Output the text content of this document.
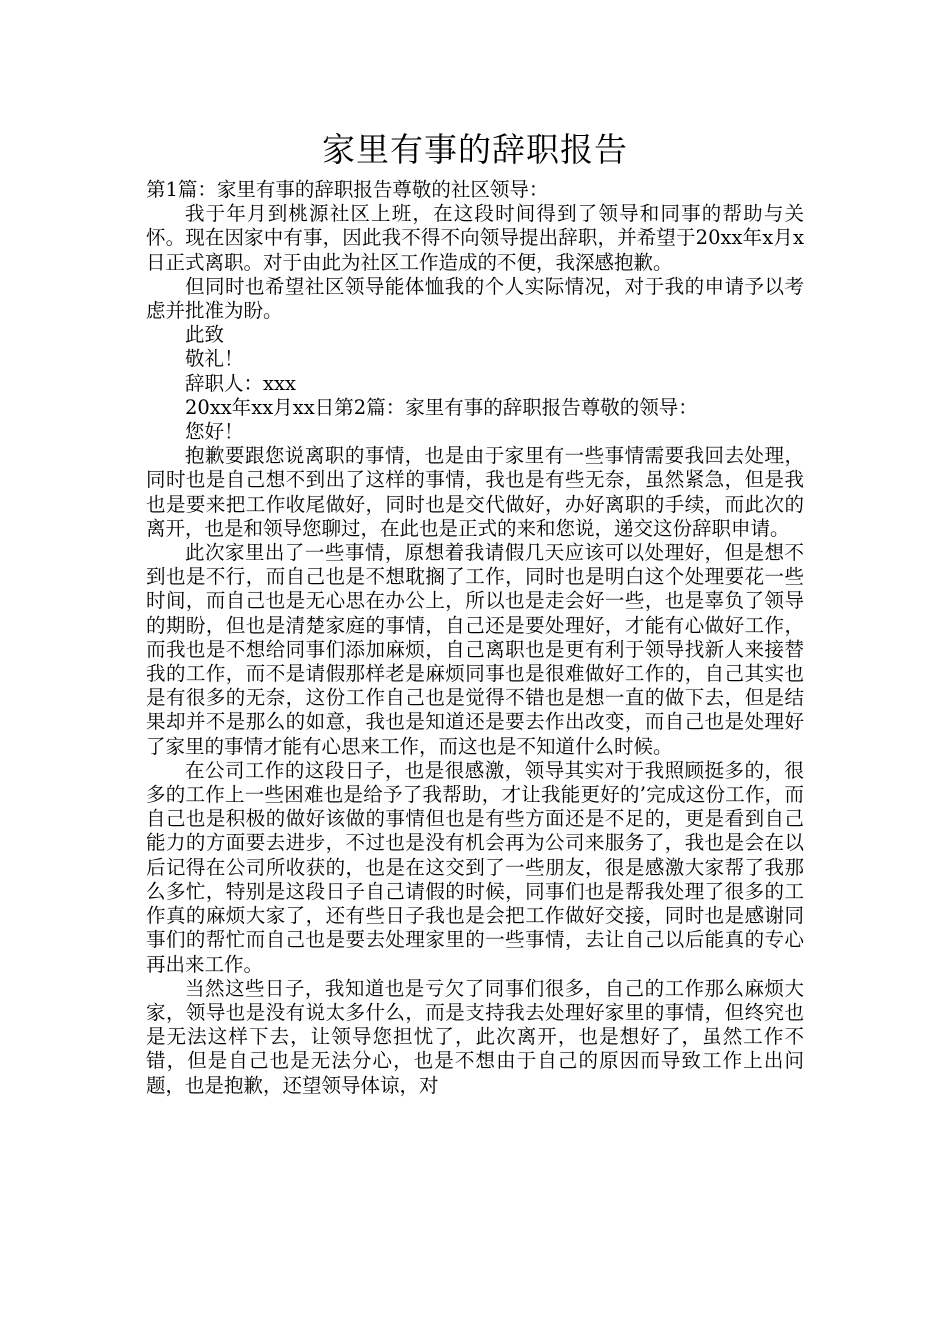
家里有事的辞职报告

第1篇：家里有事的辞职报告尊敬的社区领导：

我于年月到桃源社区上班，在这段时间得到了领导和同事的帮助与关怀。现在因家中有事，因此我不得不向领导提出辞职，并希望于20xx年x月x日正式离职。对于由此为社区工作造成的不便，我深感抱歉。

但同时也希望社区领导能体恤我的个人实际情况，对于我的申请予以考虑并批准为盼。

此致

敬礼！

辞职人：xxx

20xx年xx月xx日第2篇：家里有事的辞职报告尊敬的领导：

您好！

抱歉要跟您说离职的事情，也是由于家里有一些事情需要我回去处理，同时也是自己想不到出了这样的事情，我也是有些无奈，虽然紧急，但是我也是要来把工作收尾做好，同时也是交代做好，办好离职的手续，而此次的离开，也是和领导您聊过，在此也是正式的来和您说，递交这份辞职申请。

此次家里出了一些事情，原想着我请假几天应该可以处理好，但是想不到也是不行，而自己也是不想耽搁了工作，同时也是明白这个处理要花一些时间，而自己也是无心思在办公上，所以也是走会好一些，也是辜负了领导的期盼，但也是清楚家庭的事情，自己还是要处理好，才能有心做好工作，而我也是不想给同事们添加麻烦，自己离职也是更有利于领导找新人来接替我的工作，而不是请假那样老是麻烦同事也是很难做好工作的，自己其实也是有很多的无奈，这份工作自己也是觉得不错也是想一直的做下去，但是结果却并不是那么的如意，我也是知道还是要去作出改变，而自己也是处理好了家里的事情才能有心思来工作，而这也是不知道什么时候。

在公司工作的这段日子，也是很感激，领导其实对于我照顾挺多的，很多的工作上一些困难也是给予了我帮助，才让我能更好的’完成这份工作，而自己也是积极的做好该做的事情但也是有些方面还是不足的，更是看到自己能力的方面要去进步，不过也是没有机会再为公司来服务了，我也是会在以后记得在公司所收获的，也是在这交到了一些朋友，很是感激大家帮了我那么多忙，特别是这段日子自己请假的时候，同事们也是帮我处理了很多的工作真的麻烦大家了，还有些日子我也是会把工作做好交接，同时也是感谢同事们的帮忙而自己也是要去处理家里的一些事情，去让自己以后能真的专心再出来工作。

当然这些日子，我知道也是亏欠了同事们很多，自己的工作那么麻烦大家，领导也是没有说太多什么，而是支持我去处理好家里的事情，但终究也是无法这样下去，让领导您担忧了，此次离开，也是想好了，虽然工作不错，但是自己也是无法分心，也是不想由于自己的原因而导致工作上出问题，也是抱歉，还望领导体谅，对
